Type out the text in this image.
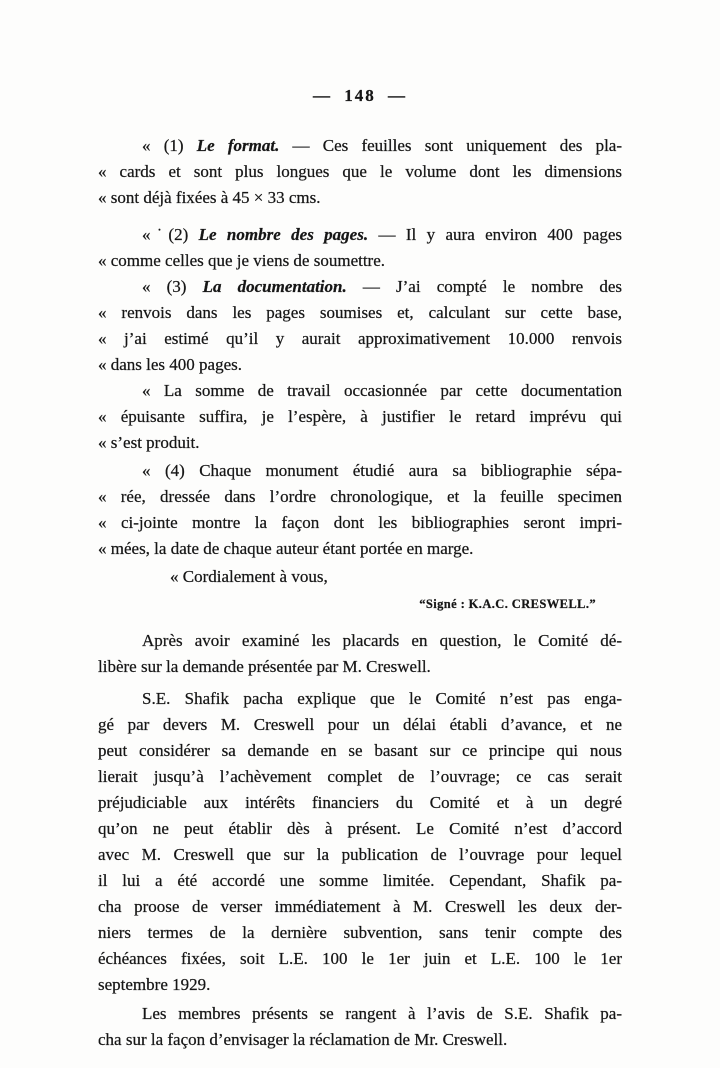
— 148 —
« (1) Le format. — Ces feuilles sont uniquement des pla-
« cards et sont plus longues que le volume dont les dimensions
« sont déjà fixées à 45 × 33 cms.
«˙(2) Le nombre des pages. — Il y aura environ 400 pages
« comme celles que je viens de soumettre.
« (3) La documentation. — J’ai compté le nombre des
« renvois dans les pages soumises et, calculant sur cette base,
« j’ai estimé qu’il y aurait approximativement 10.000 renvois
« dans les 400 pages.
« La somme de travail occasionnée par cette documentation
« épuisante suffira, je l’espère, à justifier le retard imprévu qui
« s’est produit.
« (4) Chaque monument étudié aura sa bibliographie sépa-
« rée, dressée dans l’ordre chronologique, et la feuille specimen
« ci-jointe montre la façon dont les bibliographies seront impri-
« mées, la date de chaque auteur étant portée en marge.
« Cordialement à vous,
“Signé : K.A.C. CRESWELL.”
Après avoir examiné les placards en question, le Comité dé-
libère sur la demande présentée par M. Creswell.
S.E. Shafik pacha explique que le Comité n’est pas enga-
gé par devers M. Creswell pour un délai établi d’avance, et ne
peut considérer sa demande en se basant sur ce principe qui nous
lierait jusqu’à l’achèvement complet de l’ouvrage; ce cas serait
préjudiciable aux intérêts financiers du Comité et à un degré
qu’on ne peut établir dès à présent. Le Comité n’est d’accord
avec M. Creswell que sur la publication de l’ouvrage pour lequel
il lui a été accordé une somme limitée. Cependant, Shafik pa-
cha proose de verser immédiatement à M. Creswell les deux der-
niers termes de la dernière subvention, sans tenir compte des
échéances fixées, soit L.E. 100 le 1er juin et L.E. 100 le 1er
septembre 1929.
Les membres présents se rangent à l’avis de S.E. Shafik pa-
cha sur la façon d’envisager la réclamation de Mr. Creswell.
